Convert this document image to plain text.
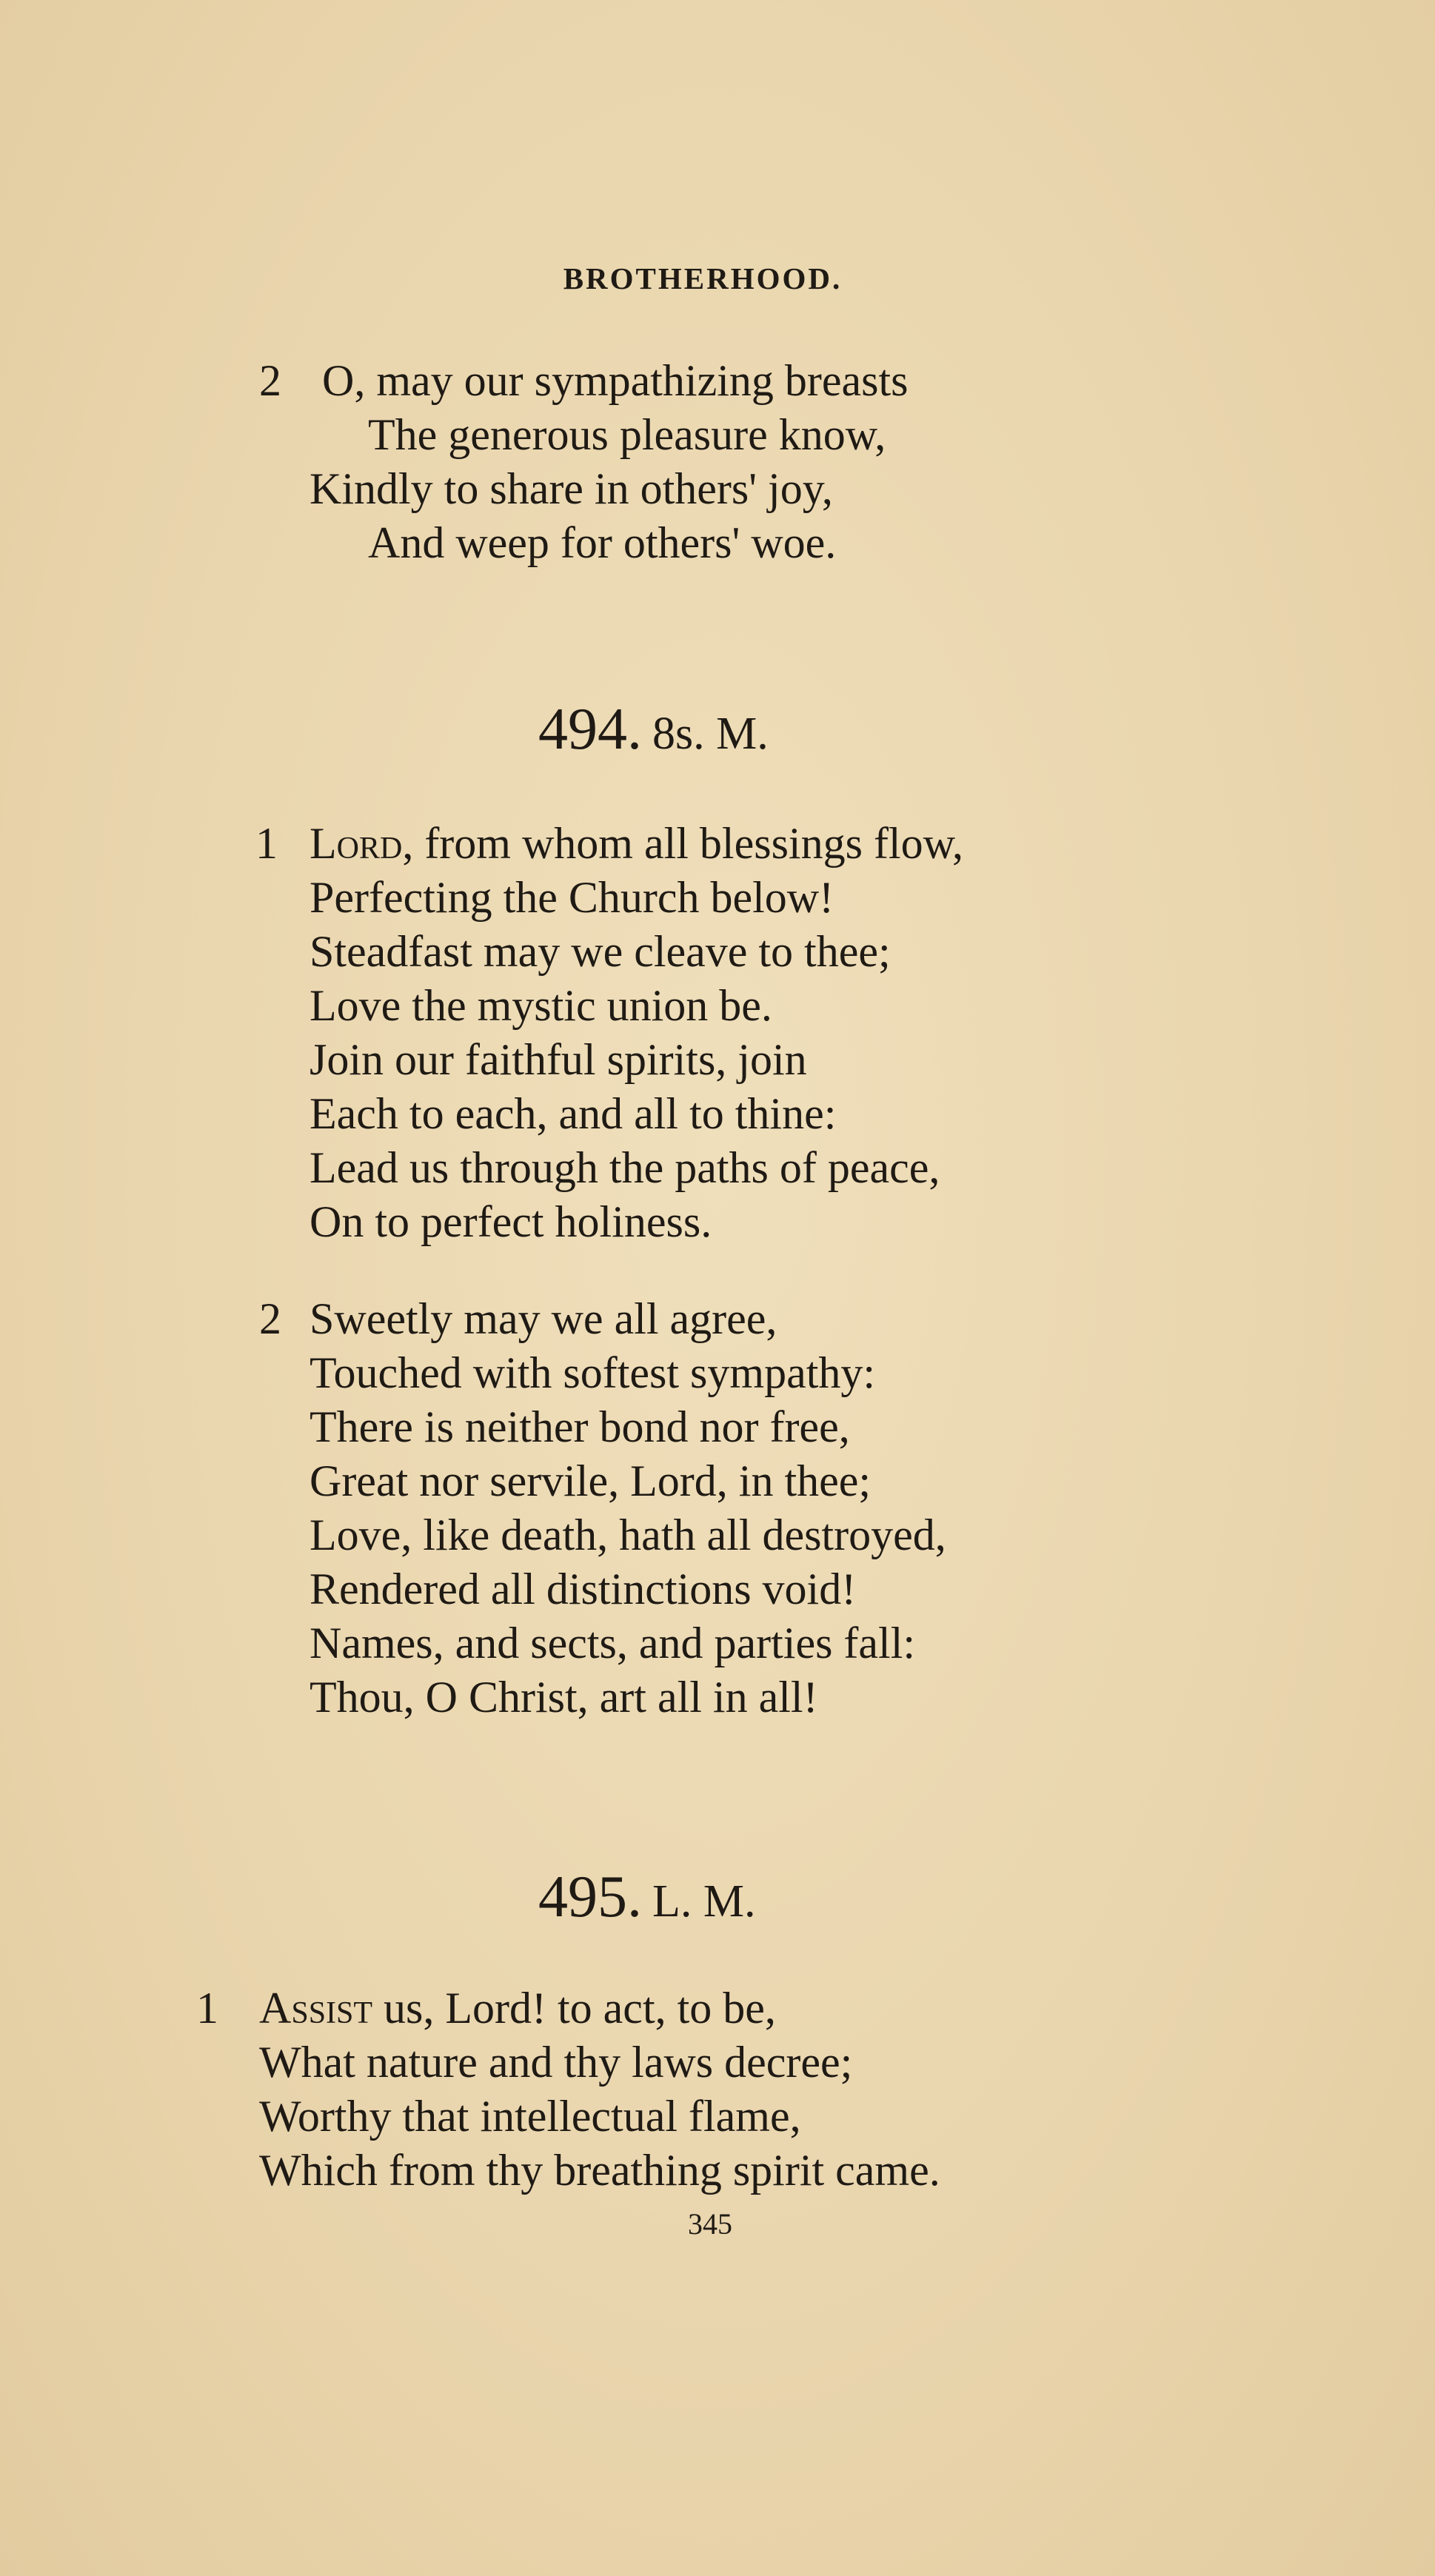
BROTHERHOOD.
2 O, may our sympathizing breasts
The generous pleasure know,
Kindly to share in others' joy,
And weep for others' woe.
494. 8s. M.
1 Lord, from whom all blessings flow,
Perfecting the Church below!
Steadfast may we cleave to thee;
Love the mystic union be.
Join our faithful spirits, join
Each to each, and all to thine:
Lead us through the paths of peace,
On to perfect holiness.
2 Sweetly may we all agree,
Touched with softest sympathy:
There is neither bond nor free,
Great nor servile, Lord, in thee;
Love, like death, hath all destroyed,
Rendered all distinctions void!
Names, and sects, and parties fall:
Thou, O Christ, art all in all!
495. L. M.
1 Assist us, Lord! to act, to be,
What nature and thy laws decree;
Worthy that intellectual flame,
Which from thy breathing spirit came.
345
